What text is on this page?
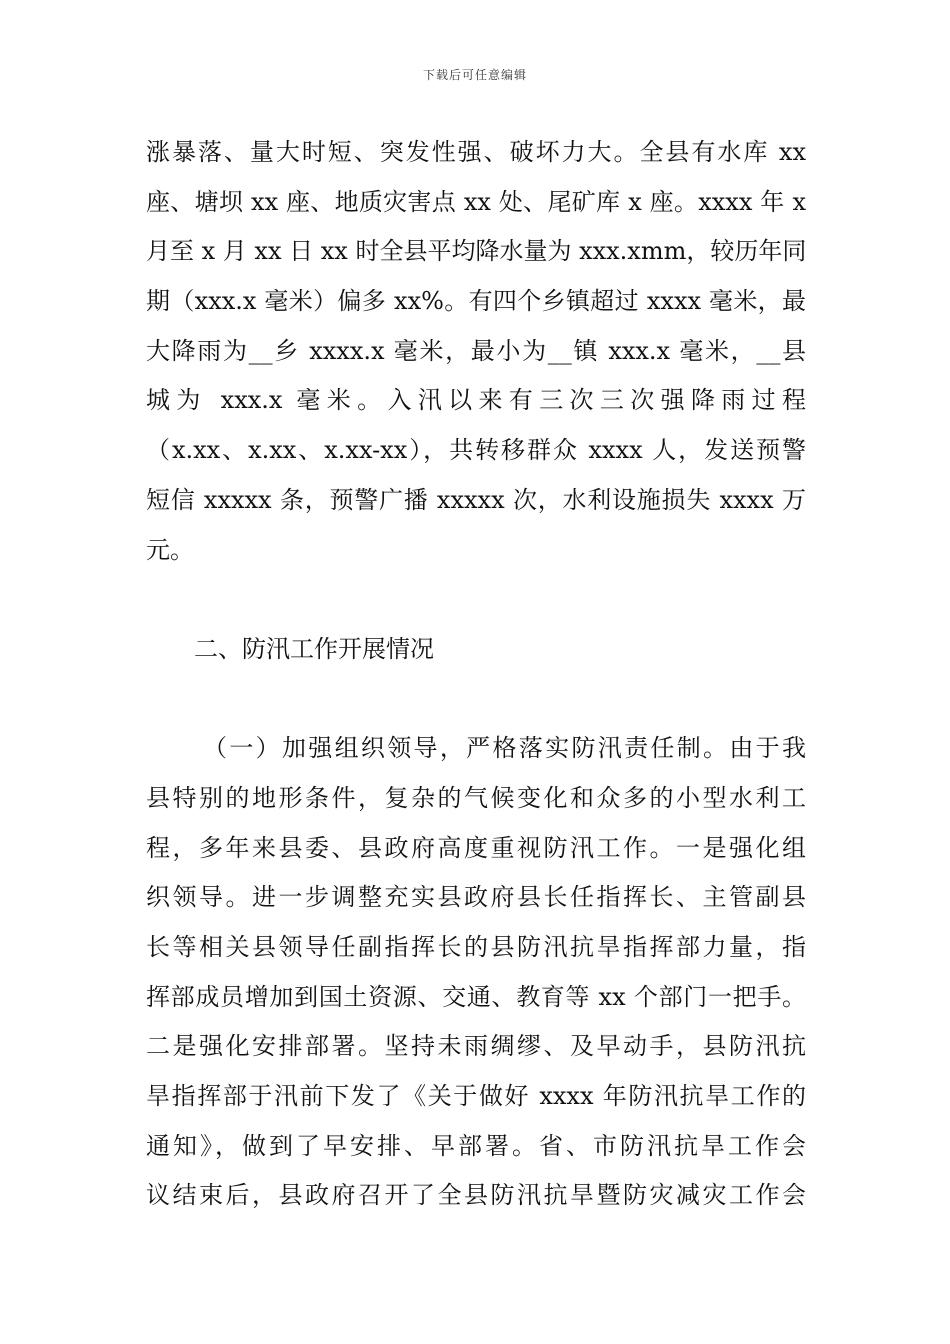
下载后可任意编辑
涨暴落、量大时短、突发性强、破坏力大。全县有水库 xx
座、塘坝 xx 座、地质灾害点 xx 处、尾矿库 x 座。xxxx 年 x
月至 x 月 xx 日 xx 时全县平均降水量为 xxx.xmm，较历年同
期（xxx.x 毫米）偏多 xx%。有四个乡镇超过 xxxx 毫米，最
大降雨为__乡 xxxx.x 毫米，最小为__镇 xxx.x 毫米，__县
城为 xxx.x 毫米。入汛以来有三次三次强降雨过程
（x.xx、x.xx、x.xx-xx），共转移群众 xxxx 人，发送预警
短信 xxxxx 条，预警广播 xxxxx 次，水利设施损失 xxxx 万
元。
二、防汛工作开展情况
（一）加强组织领导，严格落实防汛责任制。由于我
县特别的地形条件，复杂的气候变化和众多的小型水利工
程，多年来县委、县政府高度重视防汛工作。一是强化组
织领导。进一步调整充实县政府县长任指挥长、主管副县
长等相关县领导任副指挥长的县防汛抗旱指挥部力量，指
挥部成员增加到国土资源、交通、教育等 xx 个部门一把手。
二是强化安排部署。坚持未雨绸缪、及早动手，县防汛抗
旱指挥部于汛前下发了《关于做好 xxxx 年防汛抗旱工作的
通知》，做到了早安排、早部署。省、市防汛抗旱工作会
议结束后，县政府召开了全县防汛抗旱暨防灾减灾工作会
